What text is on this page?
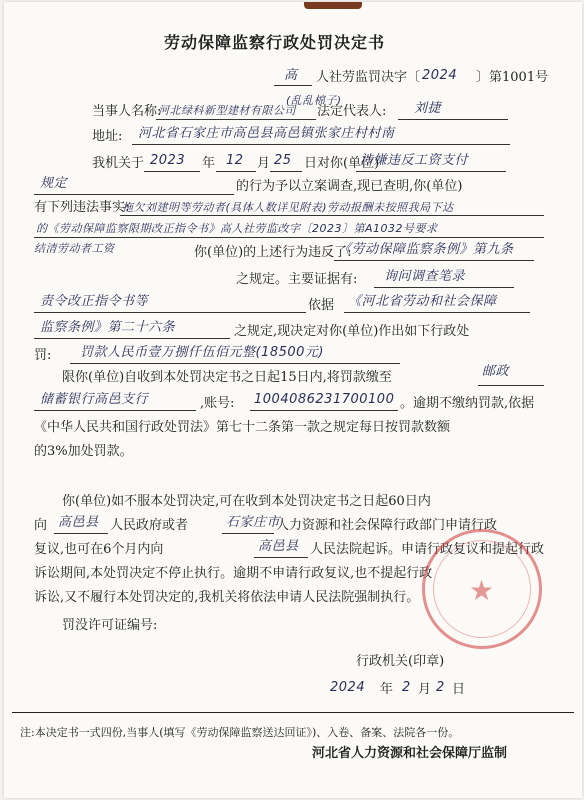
劳动保障监察行政处罚决定书
高 人社劳监罚决字〔 2024 〕第1001号
当事人名称:
河北绿科新型建材有限公司
(乱乱棉子)
法定代表人: 刘捷
地址: 河北省石家庄市高邑县高邑镇张家庄村村南
我机关于 2023 年 12 月 25 日对你(单位)
涉嫌违反工资支付
规定	的行为予以立案调查,现已查明,你(单位)
有下列违法事实:
拖欠刘建明等劳动者(具体人数详见附表)劳动报酬未按照我局下达
的《劳动保障监察限期改正指令书》高人社劳监改字〔2023〕第A1032号要求
结清劳动者工资	你(单位)的上述行为违反了:
《劳动保障监察条例》第九条
之规定。主要证据有: 询问调查笔录
责令改正指令书等	依据 《河北省劳动和社会保障
监察条例》第二十六条	之规定,现决定对你(单位)作出如下行政处
罚: 罚款人民币壹万捌仟伍佰元整(18500元)
限你(单位)自收到本处罚决定书之日起15日内,将罚款缴至	邮政
储蓄银行高邑支行	,账号: 1004086231700100 。逾期不缴纳罚款,依据
《中华人民共和国行政处罚法》第七十二条第一款之规定每日按罚款数额
的3%加处罚款。
你(单位)如不服本处罚决定,可在收到本处罚决定书之日起60日内
向 高邑县 人民政府或者	石家庄市
人力资源和社会保障行政部门申请行政
复议,也可在6个月内向	高邑县 人民法院起诉。申请行政复议和提起行政
诉讼期间,本处罚决定不停止执行。逾期不申请行政复议,也不提起行政
诉讼,又不履行本处罚决定的,我机关将依法申请人民法院强制执行。 ★
罚没许可证编号:
行政机关(印章)
2024 年 2 月 2 日
注:本决定书一式四份,当事人(填写《劳动保障监察送达回证》)、入卷、备案、法院各一份。
河北省人力资源和社会保障厅监制
